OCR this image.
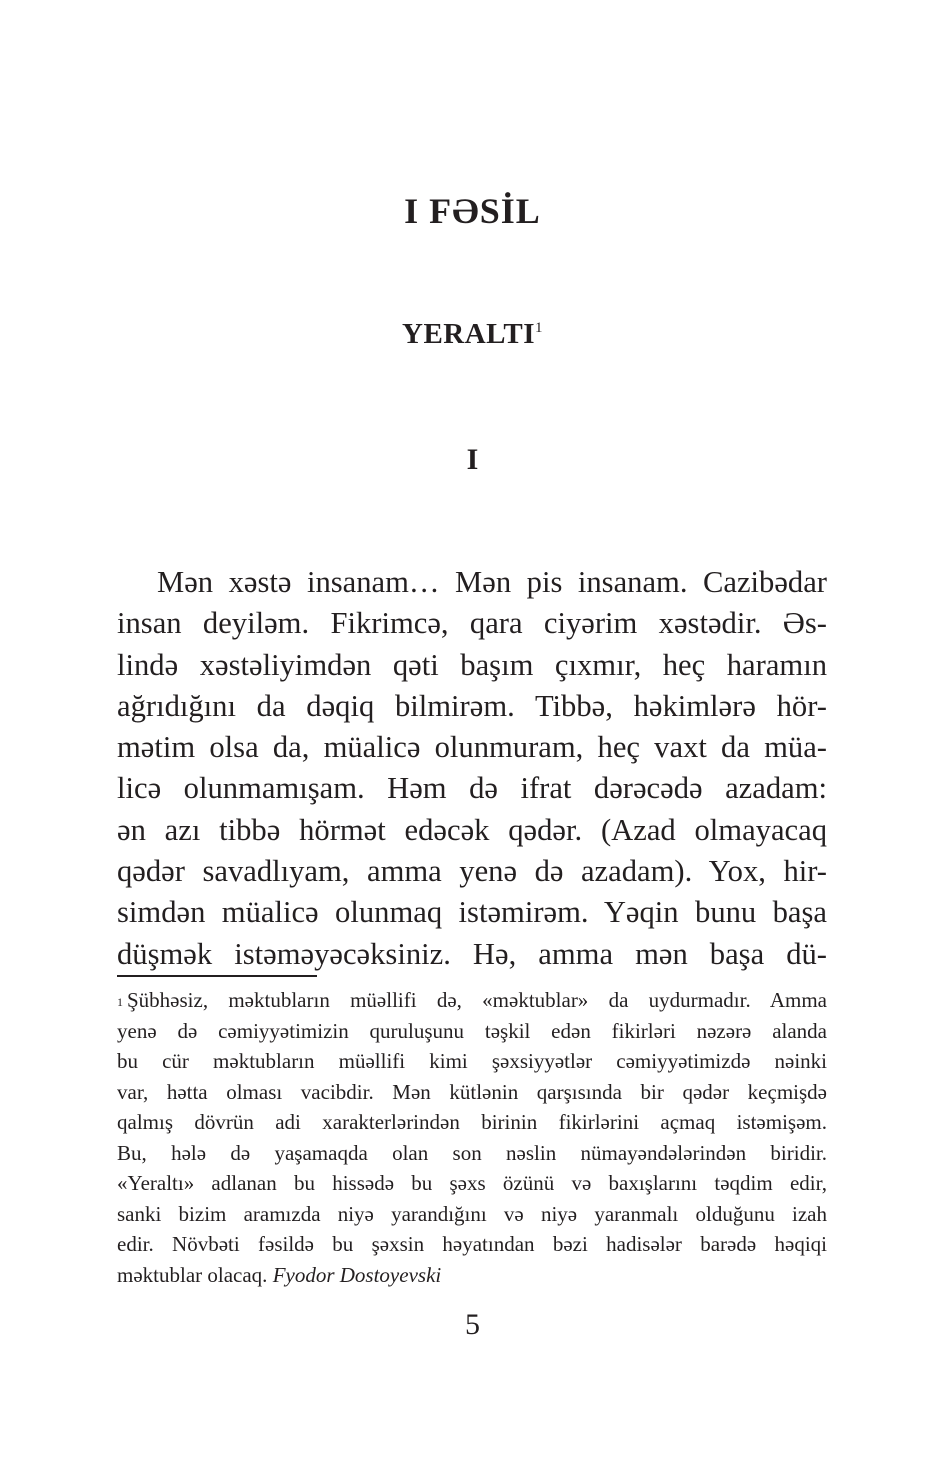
I FƏSİL
YERALTI$^1$
I
Mən xəstə insanam… Mən pis insanam. Cazibədar
insan deyiləm. Fikrimcə, qara ciyərim xəstədir. Əs-
lində xəstəliyimdən qəti başım çıxmır, heç haramın
ağrıdığını da dəqiq bilmirəm. Tibbə, həkimlərə hör-
mətim olsa da, müalicə olunmuram, heç vaxt da müa-
licə olunmamışam. Həm də ifrat dərəcədə azadam:
ən azı tibbə hörmət edəcək qədər. (Azad olmayacaq
qədər savadlıyam, amma yenə də azadam). Yox, hir-
simdən müalicə olunmaq istəmirəm. Yəqin bunu başa
düşmək istəməyəcəksiniz. Hə, amma mən başa dü-
$^1$ Şübhəsiz, məktubların müəllifi də, «məktublar» da uydurmadır. Amma
yenə də cəmiyyətimizin quruluşunu təşkil edən fikirləri nəzərə alanda
bu cür məktubların müəllifi kimi şəxsiyyətlər cəmiyyətimizdə nəinki
var, hətta olması vacibdir. Mən kütlənin qarşısında bir qədər keçmişdə
qalmış dövrün adi xarakterlərindən birinin fikirlərini açmaq istəmişəm.
Bu, hələ də yaşamaqda olan son nəslin nümayəndələrindən biridir.
«Yeraltı» adlanan bu hissədə bu şəxs özünü və baxışlarını təqdim edir,
sanki bizim aramızda niyə yarandığını və niyə yaranmalı olduğunu izah
edir. Növbəti fəsildə bu şəxsin həyatından bəzi hadisələr barədə həqiqi
məktublar olacaq. Fyodor Dostoyevski
5
